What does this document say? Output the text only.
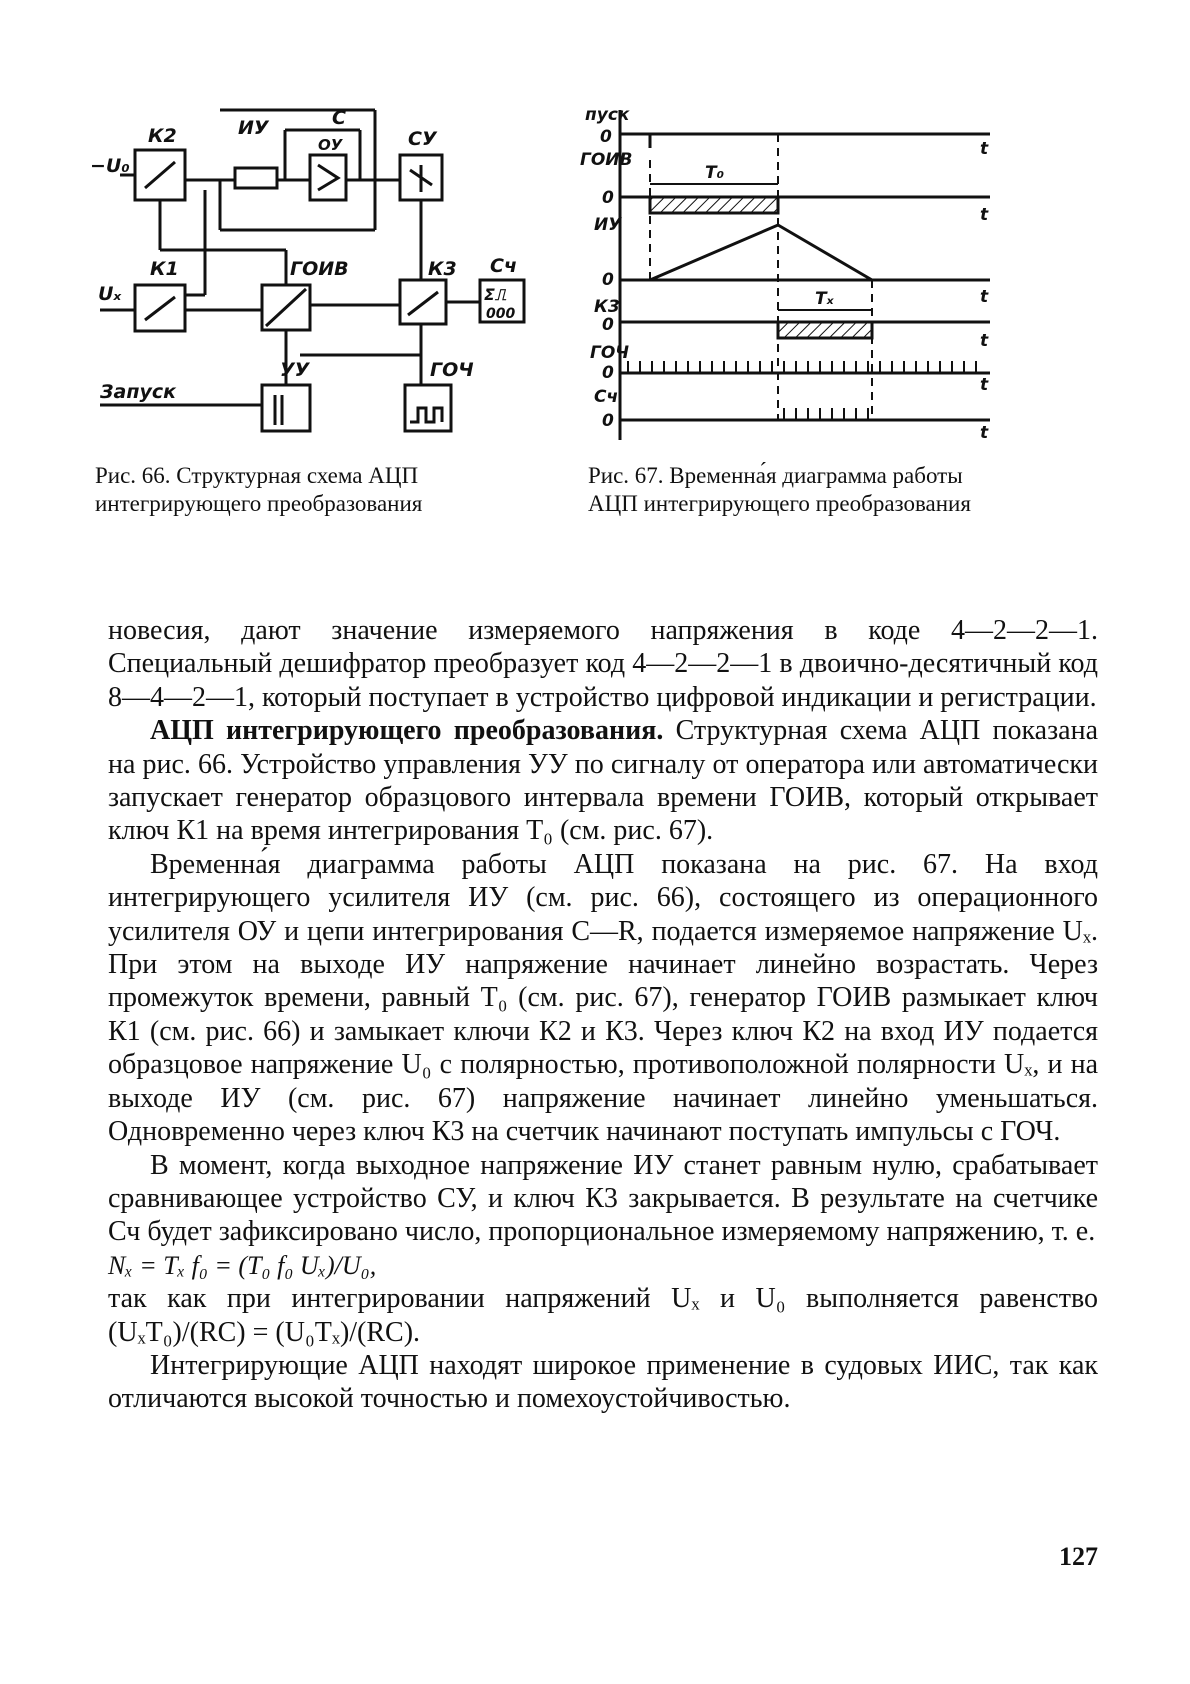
К2
−U₀
ИУ	C
ОУ	СУ
К1
Uₓ
ГОИВ	К3 Сч
Σ⎍
000
УУ	ГОЧ
Запуск
пуск
0
ГОИВ
0
ИУ
0
К3
0
ГОЧ
0
Сч
0
t
t
t
t
t
t
T₀
Tₓ
Рис. 66. Структурная схема АЦП интегрирующего преобразования
Рис. 67. Временна́я диаграмма работы АЦП интегрирующего преобразования

новесия, дают значение измеряемого напряжения в коде 4—2—2—1. Специальный дешифратор преобразует код 4—2—2—1 в двоично-десятичный код 8—4—2—1, который поступает в устройство цифровой индикации и регистрации.

АЦП интегрирующего преобразования. Структурная схема АЦП показана на рис. 66. Устройство управления УУ по сигналу от оператора или автоматически запускает генератор образцового интервала времени ГОИВ, который открывает ключ К1 на время интегрирования T₀ (см. рис. 67).

Временна́я диаграмма работы АЦП показана на рис. 67. На вход интегрирующего усилителя ИУ (см. рис. 66), состоящего из операционного усилителя ОУ и цепи интегрирования C—R, подается измеряемое напряжение Uₓ. При этом на выходе ИУ напряжение начинает линейно возрастать. Через промежуток времени, равный T₀ (см. рис. 67), генератор ГОИВ размыкает ключ К1 (см. рис. 66) и замыкает ключи К2 и К3. Через ключ К2 на вход ИУ подается образцовое напряжение U₀ с полярностью, противоположной полярности Uₓ, и на выходе ИУ (см. рис. 67) напряжение начинает линейно уменьшаться. Одновременно через ключ К3 на счетчик начинают поступать импульсы с ГОЧ.

В момент, когда выходное напряжение ИУ станет равным нулю, срабатывает сравнивающее устройство СУ, и ключ К3 закрывается. В результате на счетчике Сч будет зафиксировано число, пропорциональное измеряемому напряжению, т. е.

Nₓ = Tₓ f₀ = (T₀ f₀ Uₓ)/U₀,

так как при интегрировании напряжений Uₓ и U₀ выполняется равенство (UₓT₀)/(RC) = (U₀Tₓ)/(RC).

Интегрирующие АЦП находят широкое применение в судовых ИИС, так как отличаются высокой точностью и помехоустойчивостью.

127
